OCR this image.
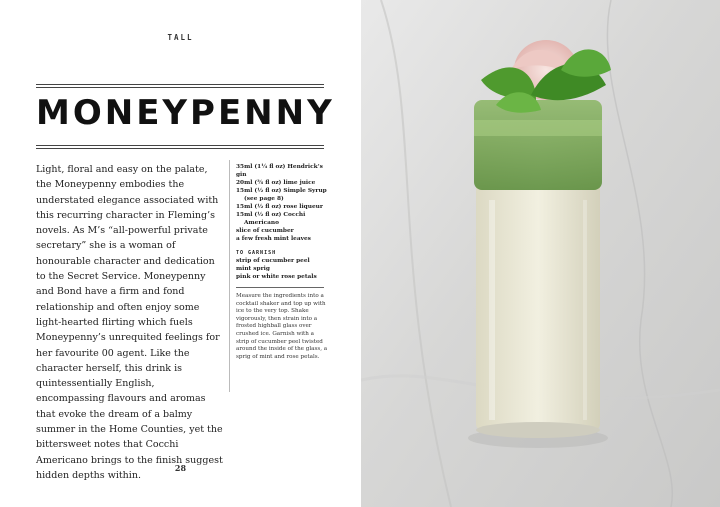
TALL
MONEYPENNY

Light, floral and easy on the palate, the Moneypenny embodies the understated elegance associated with this recurring character in Fleming’s novels. As M’s “all-powerful private secretary” she is a woman of honourable character and dedication to the Secret Service. Moneypenny and Bond have a firm and fond relationship and often enjoy some light-hearted flirting which fuels Moneypenny’s unrequited feelings for her favourite 00 agent. Like the character herself, this drink is quintessentially English, encompassing flavours and aromas that evoke the dream of a balmy summer in the Home Counties, yet the bittersweet notes that Cocchi Americano brings to the finish suggest hidden depths within.

35ml (1¼ fl oz) Hendrick’s gin
20ml (¾ fl oz) lime juice
15ml (½ fl oz) Simple Syrup
(see page 8)
15ml (½ fl oz) rose liqueur
15ml (½ fl oz) Cocchi
Americano
slice of cucumber
a few fresh mint leaves
TO GARNISH
strip of cucumber peel
mint sprig
pink or white rose petals

Measure the ingredients into a cocktail shaker and top up with ice to the very top. Shake vigorously, then strain into a frosted highball glass over crushed ice. Garnish with a strip of cucumber peel twisted around the inside of the glass, a sprig of mint and rose petals.

28
